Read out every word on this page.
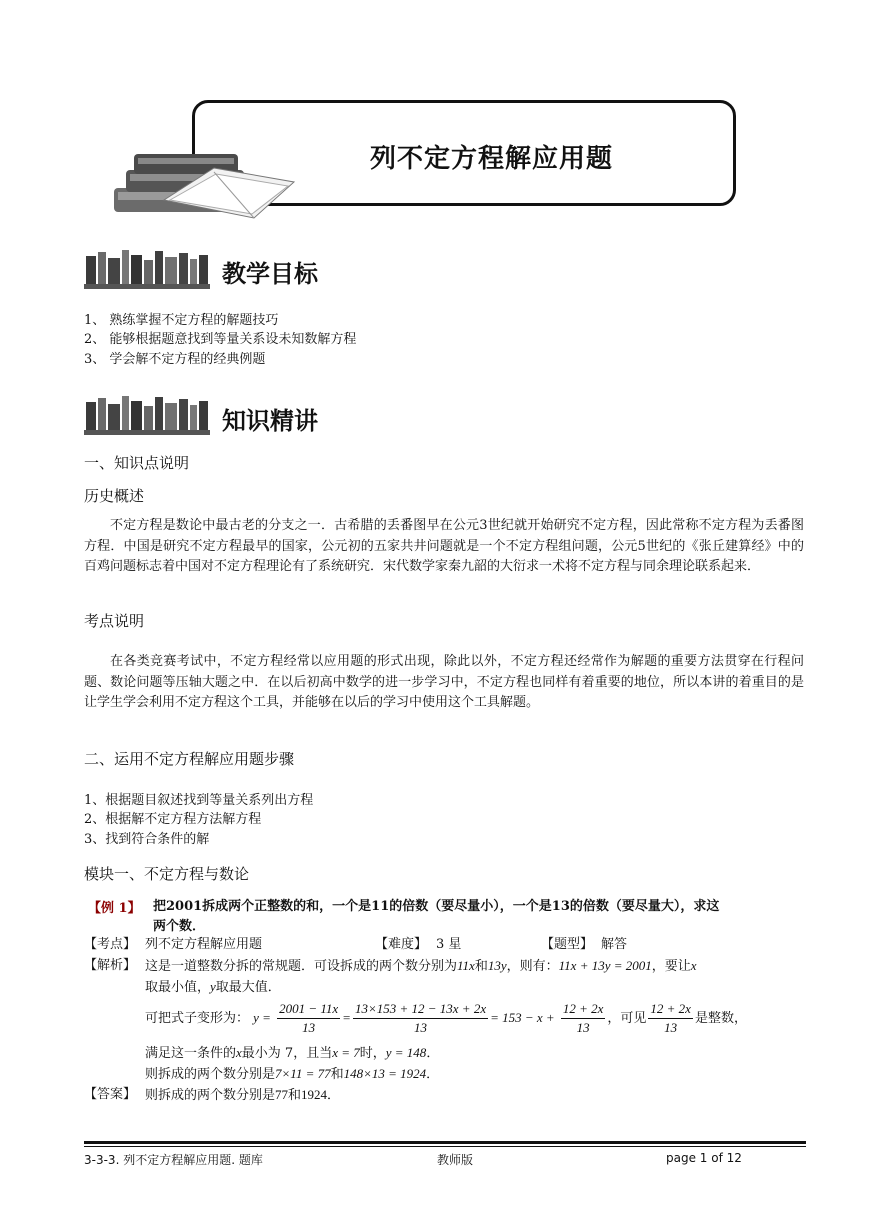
列不定方程解应用题
教学目标
1、 熟练掌握不定方程的解题技巧
2、 能够根据题意找到等量关系设未知数解方程
3、 学会解不定方程的经典例题
知识精讲
一、知识点说明
历史概述
不定方程是数论中最古老的分支之一．古希腊的丢番图早在公元3世纪就开始研究不定方程，因此常称不定方程为丢番图方程．中国是研究不定方程最早的国家，公元初的五家共井问题就是一个不定方程组问题，公元5世纪的《张丘建算经》中的百鸡问题标志着中国对不定方程理论有了系统研究．宋代数学家秦九韶的大衍求一术将不定方程与同余理论联系起来．
考点说明
在各类竞赛考试中，不定方程经常以应用题的形式出现，除此以外，不定方程还经常作为解题的重要方法贯穿在行程问题、数论问题等压轴大题之中．在以后初高中数学的进一步学习中，不定方程也同样有着重要的地位，所以本讲的着重目的是让学生学会利用不定方程这个工具，并能够在以后的学习中使用这个工具解题。
二、运用不定方程解应用题步骤
1、根据题目叙述找到等量关系列出方程
2、根据解不定方程方法解方程
3、找到符合条件的解
模块一、不定方程与数论
【例 1】 把2001拆成两个正整数的和，一个是11的倍数（要尽量小），一个是13的倍数（要尽量大），求这
两个数．
【考点】 列不定方程解应用题	【难度】 3 星	【题型】 解答
【解析】 这是一道整数分拆的常规题．可设拆成的两个数分别为11x和13y，则有：11x + 13y = 2001，要让x
取最小值，y取最大值．
可把式子变形为： $y = \frac{2001 - 11x}{13} = \frac{13\times 153 + 12 - 13x + 2x}{13} = 153 - x + \frac{12 + 2x}{13}$ ，可见 $\frac{12 + 2x}{13}$ 是整数，
满足这一条件的x最小为 7，且当x = 7时，y = 148．
则拆成的两个数分别是7×11 = 77和148×13 = 1924．
【答案】 则拆成的两个数分别是77和1924．
3-3-3. 列不定方程解应用题. 题库	教师版	page 1 of 12
